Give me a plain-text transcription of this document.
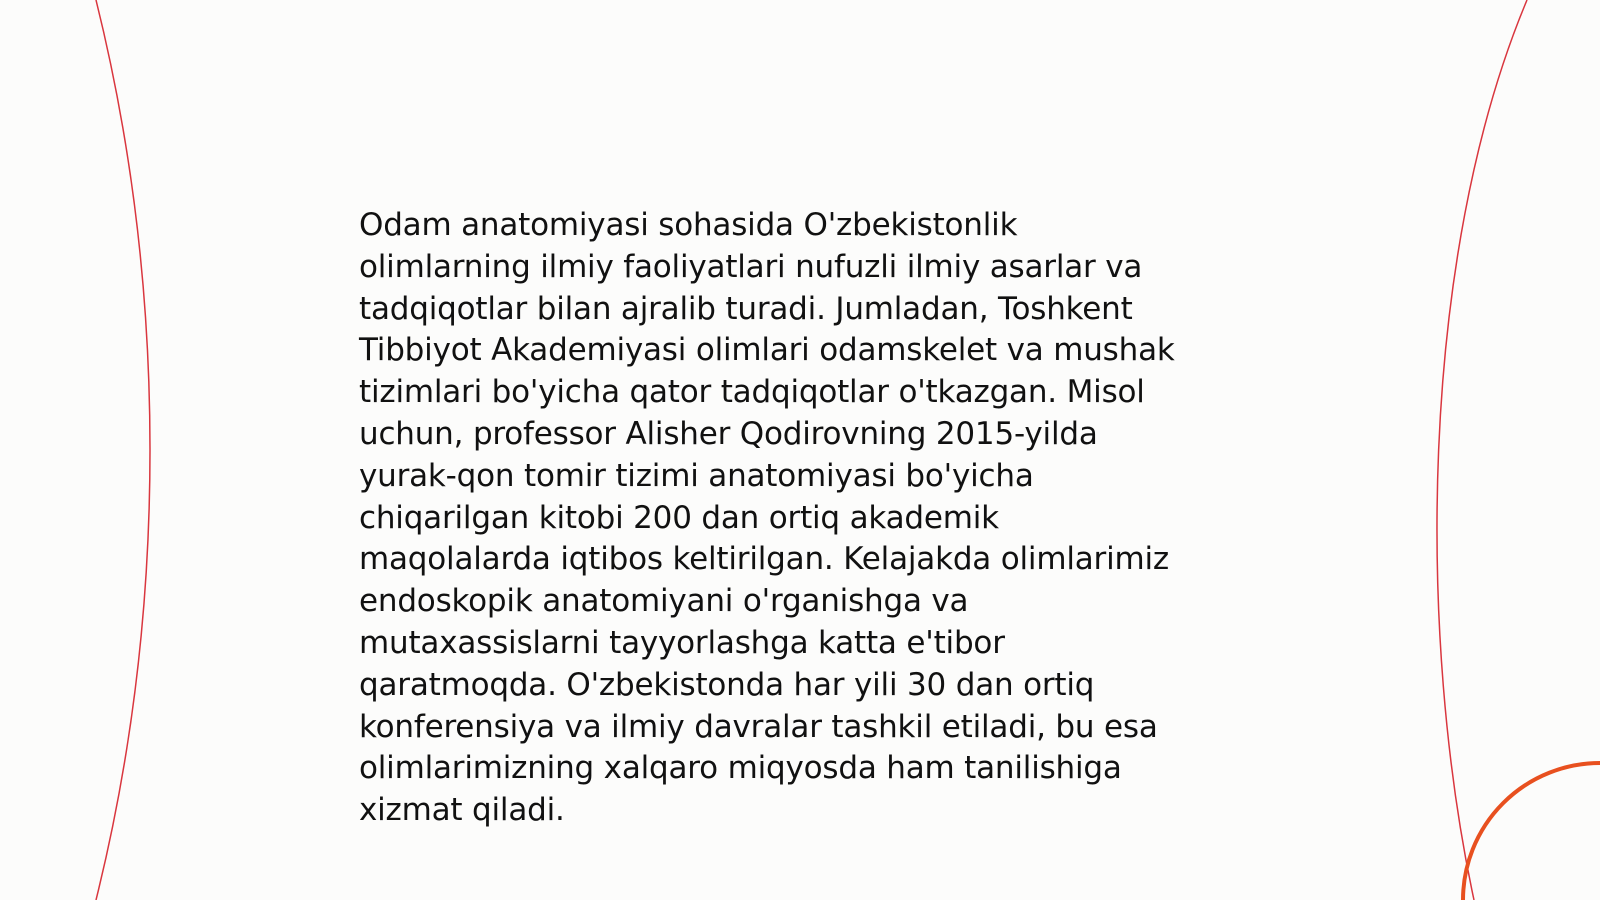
Odam anatomiyasi sohasida O'zbekistonlik
olimlarning ilmiy faoliyatlari nufuzli ilmiy asarlar va
tadqiqotlar bilan ajralib turadi. Jumladan, Toshkent
Tibbiyot Akademiyasi olimlari odamskelet va mushak
tizimlari bo'yicha qator tadqiqotlar o'tkazgan. Misol
uchun, professor Alisher Qodirovning 2015-yilda
yurak-qon tomir tizimi anatomiyasi bo'yicha
chiqarilgan kitobi 200 dan ortiq akademik
maqolalarda iqtibos keltirilgan. Kelajakda olimlarimiz
endoskopik anatomiyani o'rganishga va
mutaxassislarni tayyorlashga katta e'tibor
qaratmoqda. O'zbekistonda har yili 30 dan ortiq
konferensiya va ilmiy davralar tashkil etiladi, bu esa
olimlarimizning xalqaro miqyosda ham tanilishiga
xizmat qiladi.
